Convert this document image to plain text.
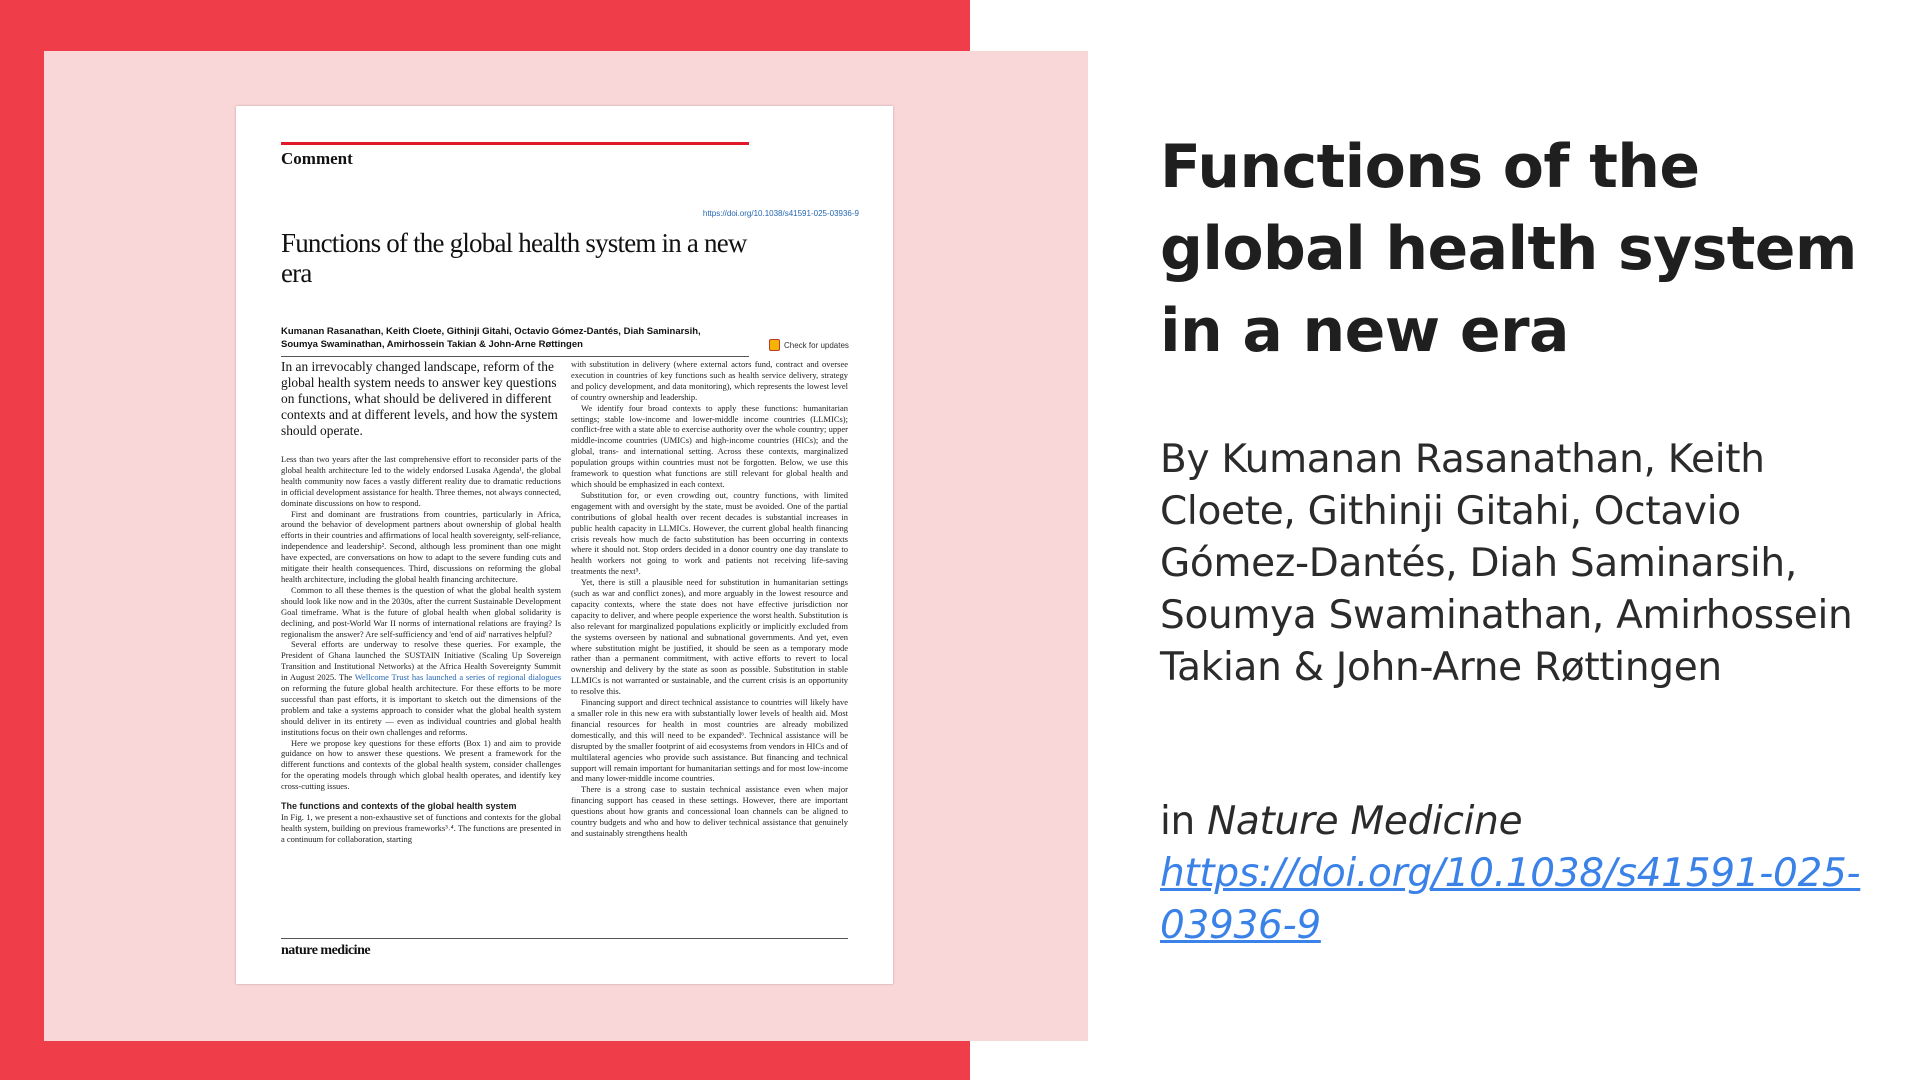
Comment
https://doi.org/10.1038/s41591-025-03936-9
Functions of the global health system in a new era
Kumanan Rasanathan, Keith Cloete, Githinji Gitahi, Octavio Gómez-Dantés, Diah Saminarsih, Soumya Swaminathan, Amirhossein Takian & John-Arne Røttingen	Check for updates
In an irrevocably changed landscape, reform of the global health system needs to answer key questions on functions, what should be delivered in different contexts and at different levels, and how the system should operate.

Less than two years after the last comprehensive effort to reconsider parts of the global health architecture led to the widely endorsed Lusaka Agenda¹, the global health community now faces a vastly different reality due to dramatic reductions in official development assistance for health. Three themes, not always connected, dominate discussions on how to respond.

First and dominant are frustrations from countries, particularly in Africa, around the behavior of development partners about ownership of global health efforts in their countries and affirmations of local health sovereignty, self-reliance, independence and leadership². Second, although less prominent than one might have expected, are conversations on how to adapt to the severe funding cuts and mitigate their health consequences. Third, discussions on reforming the global health architecture, including the global health financing architecture.

Common to all these themes is the question of what the global health system should look like now and in the 2030s, after the current Sustainable Development Goal timeframe. What is the future of global health when global solidarity is declining, and post-World War II norms of international relations are fraying? Is regionalism the answer? Are self-sufficiency and 'end of aid' narratives helpful?

Several efforts are underway to resolve these queries. For example, the President of Ghana launched the SUSTAIN Initiative (Scaling Up Sovereign Transition and Institutional Networks) at the Africa Health Sovereignty Summit in August 2025. The Wellcome Trust has launched a series of regional dialogues on reforming the future global health architecture. For these efforts to be more successful than past efforts, it is important to sketch out the dimensions of the problem and take a systems approach to consider what the global health system should deliver in its entirety — even as individual countries and global health institutions focus on their own challenges and reforms.

Here we propose key questions for these efforts (Box 1) and aim to provide guidance on how to answer these questions. We present a framework for the different functions and contexts of the global health system, consider challenges for the operating models through which global health operates, and identify key cross-cutting issues.

The functions and contexts of the global health system

In Fig. 1, we present a non-exhaustive set of functions and contexts for the global health system, building on previous frameworks³˒⁴. The functions are presented in a continuum for collaboration, starting

with substitution in delivery (where external actors fund, contract and oversee execution in countries of key functions such as health service delivery, strategy and policy development, and data monitoring), which represents the lowest level of country ownership and leadership.

We identify four broad contexts to apply these functions: humanitarian settings; stable low-income and lower-middle income countries (LLMICs); conflict-free with a state able to exercise authority over the whole country; upper middle-income countries (UMICs) and high-income countries (HICs); and the global, trans- and international setting. Across these contexts, marginalized population groups within countries must not be forgotten. Below, we use this framework to question what functions are still relevant for global health and which should be emphasized in each context.

Substitution for, or even crowding out, country functions, with limited engagement with and oversight by the state, must be avoided. One of the partial contributions of global health over recent decades is substantial increases in public health capacity in LLMICs. However, the current global health financing crisis reveals how much de facto substitution has been occurring in contexts where it should not. Stop orders decided in a donor country one day translate to health workers not going to work and patients not receiving life-saving treatments the next⁵.

Yet, there is still a plausible need for substitution in humanitarian settings (such as war and conflict zones), and more arguably in the lowest resource and capacity contexts, where the state does not have effective jurisdiction nor capacity to deliver, and where people experience the worst health. Substitution is also relevant for marginalized populations explicitly or implicitly excluded from the systems overseen by national and subnational governments. And yet, even where substitution might be justified, it should be seen as a temporary mode rather than a permanent commitment, with active efforts to revert to local ownership and delivery by the state as soon as possible. Substitution in stable LLMICs is not warranted or sustainable, and the current crisis is an opportunity to resolve this.

Financing support and direct technical assistance to countries will likely have a smaller role in this new era with substantially lower levels of health aid. Most financial resources for health in most countries are already mobilized domestically, and this will need to be expanded⁶. Technical assistance will be disrupted by the smaller footprint of aid ecosystems from vendors in HICs and of multilateral agencies who provide such assistance. But financing and technical support will remain important for humanitarian settings and for most low-income and many lower-middle income countries.

There is a strong case to sustain technical assistance even when major financing support has ceased in these settings. However, there are important questions about how grants and concessional loan channels can be aligned to country budgets and who and how to deliver technical assistance that genuinely and sustainably strengthens health

nature medicine
Functions of the global health system in a new era
By Kumanan Rasanathan, Keith Cloete, Githinji Gitahi, Octavio Gómez-Dantés, Diah Saminarsih, Soumya Swaminathan, Amirhossein Takian & John-Arne Røttingen
in Nature Medicine
https://doi.org/10.1038/s41591-025-03936-9
